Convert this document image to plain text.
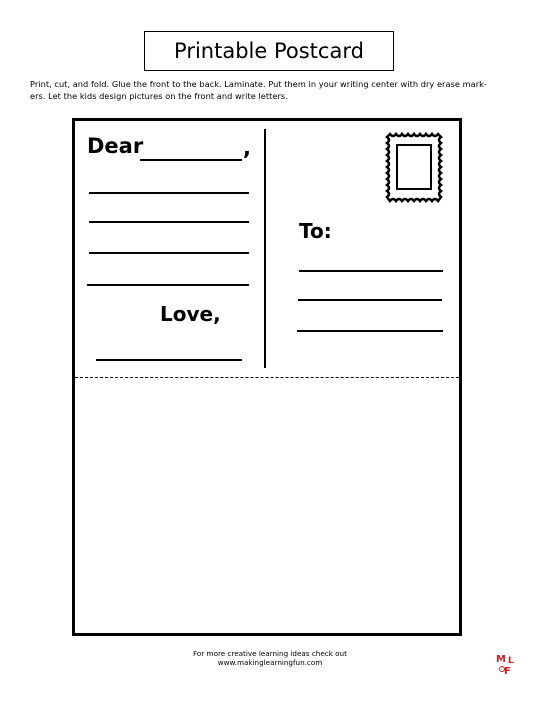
Printable Postcard
Print, cut, and fold. Glue the front to the back. Laminate. Put them in your writing center with dry erase mark-
ers. Let the kids design pictures on the front and write letters.
Dear	,
Love,
To:
For more creative learning ideas check out
www.makinglearningfun.com	M L
F
